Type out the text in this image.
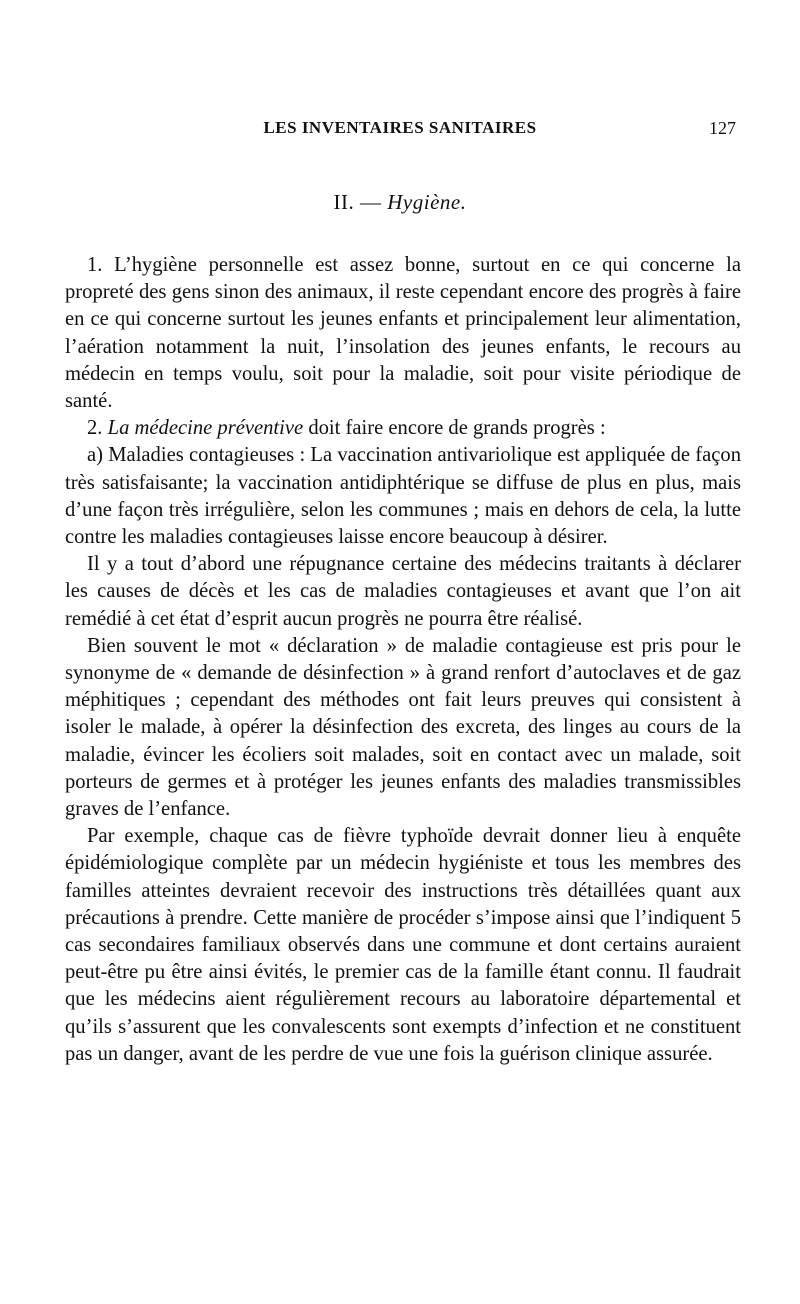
LES INVENTAIRES SANITAIRES	127
II. — Hygiène.

1. L’hygiène personnelle est assez bonne, surtout en ce qui concerne la propreté des gens sinon des animaux, il reste cependant encore des progrès à faire en ce qui concerne surtout les jeunes enfants et principalement leur alimentation, l’aération notamment la nuit, l’insolation des jeunes enfants, le recours au médecin en temps voulu, soit pour la maladie, soit pour visite périodique de santé.

2. La médecine préventive doit faire encore de grands progrès :

a) Maladies contagieuses : La vaccination antivariolique est appliquée de façon très satisfaisante; la vaccination antidiphtérique se diffuse de plus en plus, mais d’une façon très irrégulière, selon les communes ; mais en dehors de cela, la lutte contre les maladies contagieuses laisse encore beaucoup à désirer.

Il y a tout d’abord une répugnance certaine des médecins traitants à déclarer les causes de décès et les cas de maladies contagieuses et avant que l’on ait remédié à cet état d’esprit aucun progrès ne pourra être réalisé.

Bien souvent le mot « déclaration » de maladie contagieuse est pris pour le synonyme de « demande de désinfection » à grand renfort d’autoclaves et de gaz méphitiques ; cependant des méthodes ont fait leurs preuves qui consistent à isoler le malade, à opérer la désinfection des excreta, des linges au cours de la maladie, évincer les écoliers soit malades, soit en contact avec un malade, soit porteurs de germes et à protéger les jeunes enfants des maladies transmissibles graves de l’enfance.

Par exemple, chaque cas de fièvre typhoïde devrait donner lieu à enquête épidémiologique complète par un médecin hygiéniste et tous les membres des familles atteintes devraient recevoir des instructions très détaillées quant aux précautions à prendre. Cette manière de procéder s’impose ainsi que l’indiquent 5 cas secondaires familiaux observés dans une commune et dont certains auraient peut-être pu être ainsi évités, le premier cas de la famille étant connu. Il faudrait que les médecins aient régulièrement recours au laboratoire départemental et qu’ils s’assurent que les convalescents sont exempts d’infection et ne constituent pas un danger, avant de les perdre de vue une fois la guérison clinique assurée.
